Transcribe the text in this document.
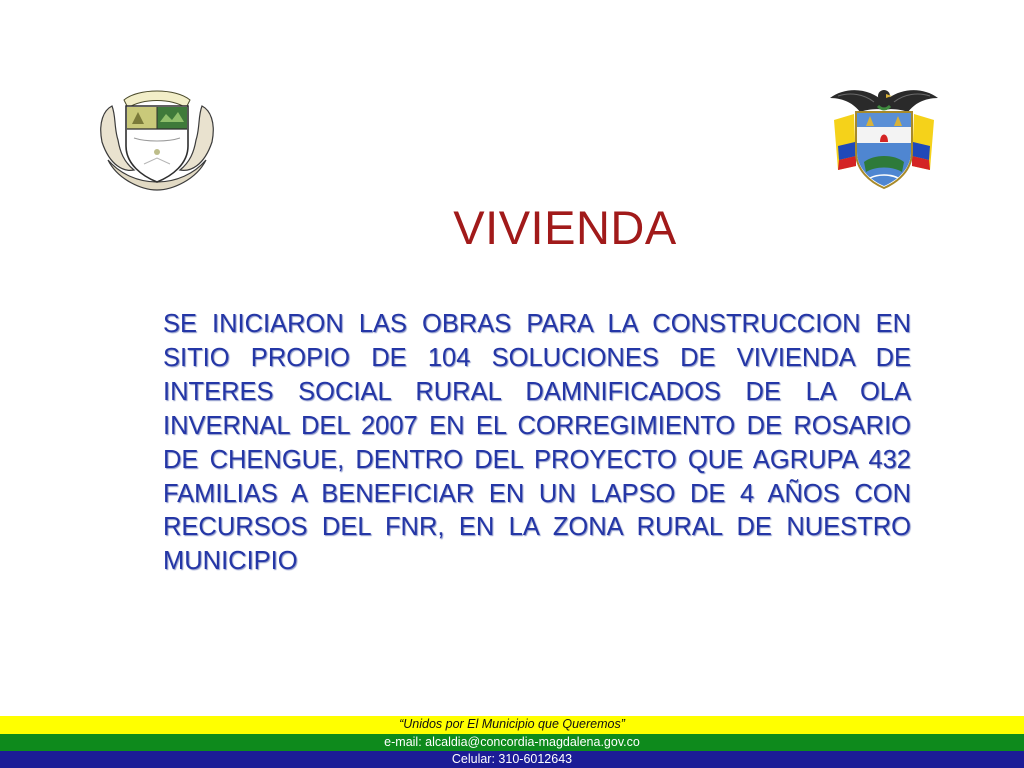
VIVIENDA

SE INICIARON LAS OBRAS PARA LA CONSTRUCCION EN SITIO PROPIO DE 104 SOLUCIONES DE VIVIENDA DE INTERES SOCIAL RURAL DAMNIFICADOS DE LA OLA INVERNAL DEL 2007 EN EL CORREGIMIENTO DE ROSARIO DE CHENGUE, DENTRO DEL PROYECTO QUE AGRUPA 432 FAMILIAS A BENEFICIAR EN UN LAPSO DE 4 AÑOS CON RECURSOS DEL FNR, EN LA ZONA RURAL DE NUESTRO MUNICIPIO

“Unidos por El Municipio que Queremos”
e-mail: alcaldia@concordia-magdalena.gov.co
Celular: 310-6012643
